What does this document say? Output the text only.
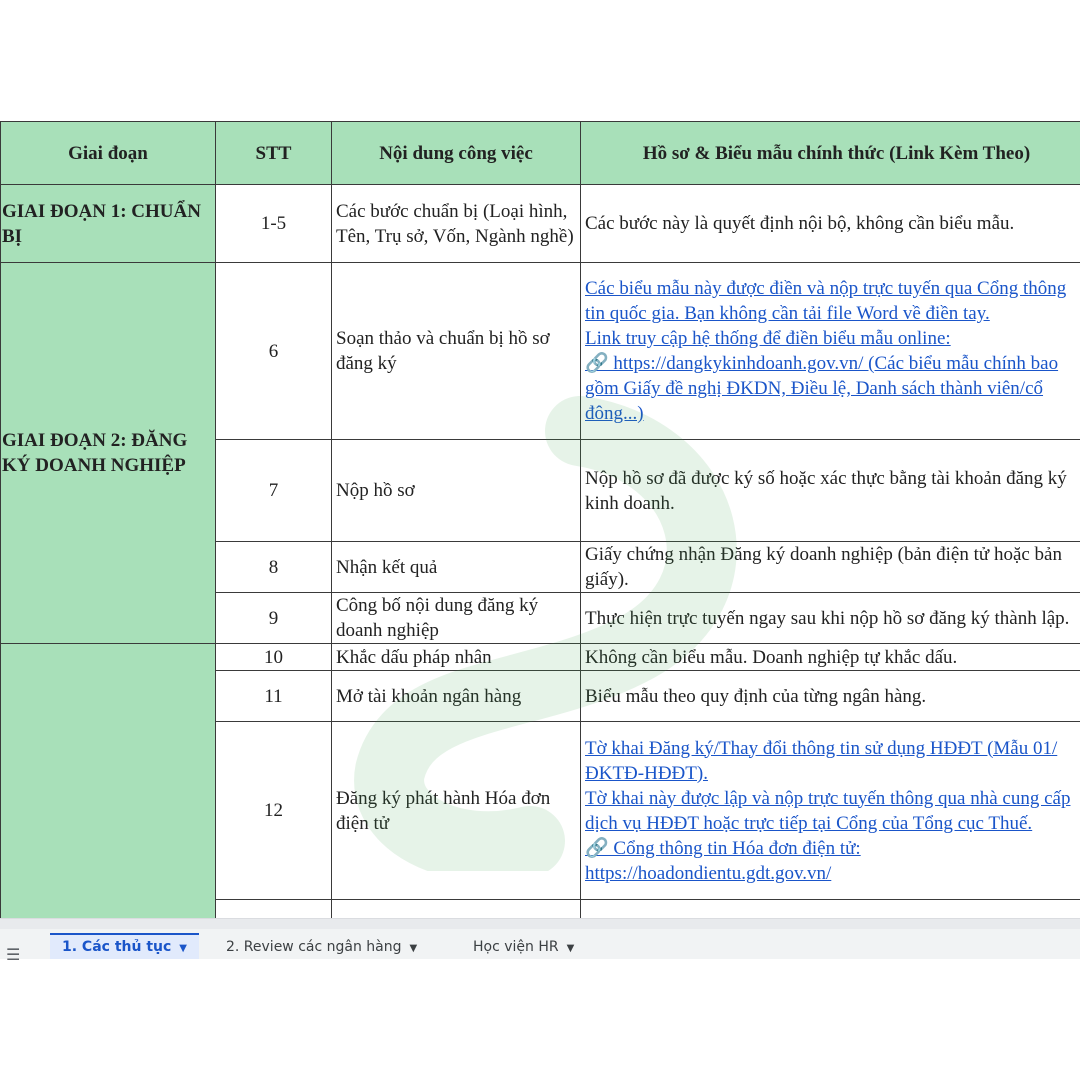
Giai đoạn	STT	Nội dung công việc	Hồ sơ & Biểu mẫu chính thức (Link Kèm Theo)
GIAI ĐOẠN 1: CHUẨN BỊ	1-5	Các bước chuẩn bị (Loại hình, Tên, Trụ sở, Vốn, Ngành nghề)	Các bước này là quyết định nội bộ, không cần biểu mẫu.
GIAI ĐOẠN 2: ĐĂNG KÝ DOANH NGHIỆP	6	Soạn thảo và chuẩn bị hồ sơ đăng ký	Các biểu mẫu này được điền và nộp trực tuyến qua Cổng thông tin quốc gia. Bạn không cần tải file Word về điền tay.
Link truy cập hệ thống để điền biểu mẫu online:
🔗 https://dangkykinhdoanh.gov.vn/ (Các biểu mẫu chính bao gồm Giấy đề nghị ĐKDN, Điều lệ, Danh sách thành viên/cổ đông...)
	7	Nộp hồ sơ	Nộp hồ sơ đã được ký số hoặc xác thực bằng tài khoản đăng ký kinh doanh.
	8	Nhận kết quả	Giấy chứng nhận Đăng ký doanh nghiệp (bản điện tử hoặc bản giấy).
	9	Công bố nội dung đăng ký doanh nghiệp	Thực hiện trực tuyến ngay sau khi nộp hồ sơ đăng ký thành lập.
	10	Khắc dấu pháp nhân	Không cần biểu mẫu. Doanh nghiệp tự khắc dấu.
	11	Mở tài khoản ngân hàng	Biểu mẫu theo quy định của từng ngân hàng.
	12	Đăng ký phát hành Hóa đơn điện tử	Tờ khai Đăng ký/Thay đổi thông tin sử dụng HĐĐT (Mẫu 01/ĐKTĐ-HĐĐT).
Tờ khai này được lập và nộp trực tuyến thông qua nhà cung cấp dịch vụ HĐĐT hoặc trực tiếp tại Cổng của Tổng cục Thuế.
🔗 Cổng thông tin Hóa đơn điện tử:
https://hoadondientu.gdt.gov.vn/

☰	1. Các thủ tục ▼	2. Review các ngân hàng ▼	Học viện HR ▼
